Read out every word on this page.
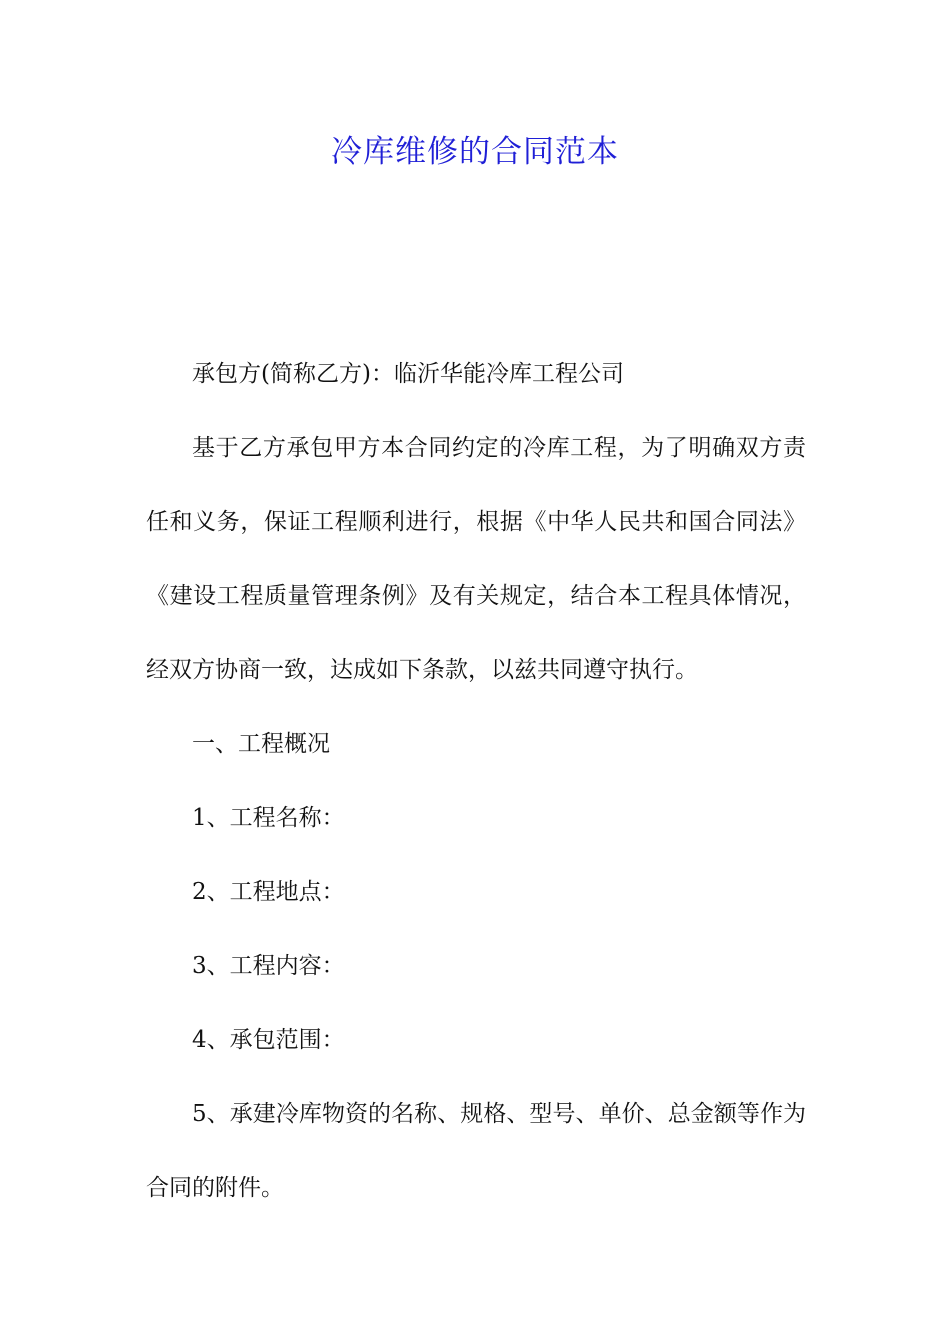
冷库维修的合同范本

承包方(简称乙方)：临沂华能冷库工程公司

基于乙方承包甲方本合同约定的冷库工程，为了明确双方责任和义务，保证工程顺利进行，根据《中华人民共和国合同法》《建设工程质量管理条例》及有关规定，结合本工程具体情况，经双方协商一致，达成如下条款，以兹共同遵守执行。

一、工程概况

1、工程名称：

2、工程地点：

3、工程内容：

4、承包范围：

5、承建冷库物资的名称、规格、型号、单价、总金额等作为合同的附件。
